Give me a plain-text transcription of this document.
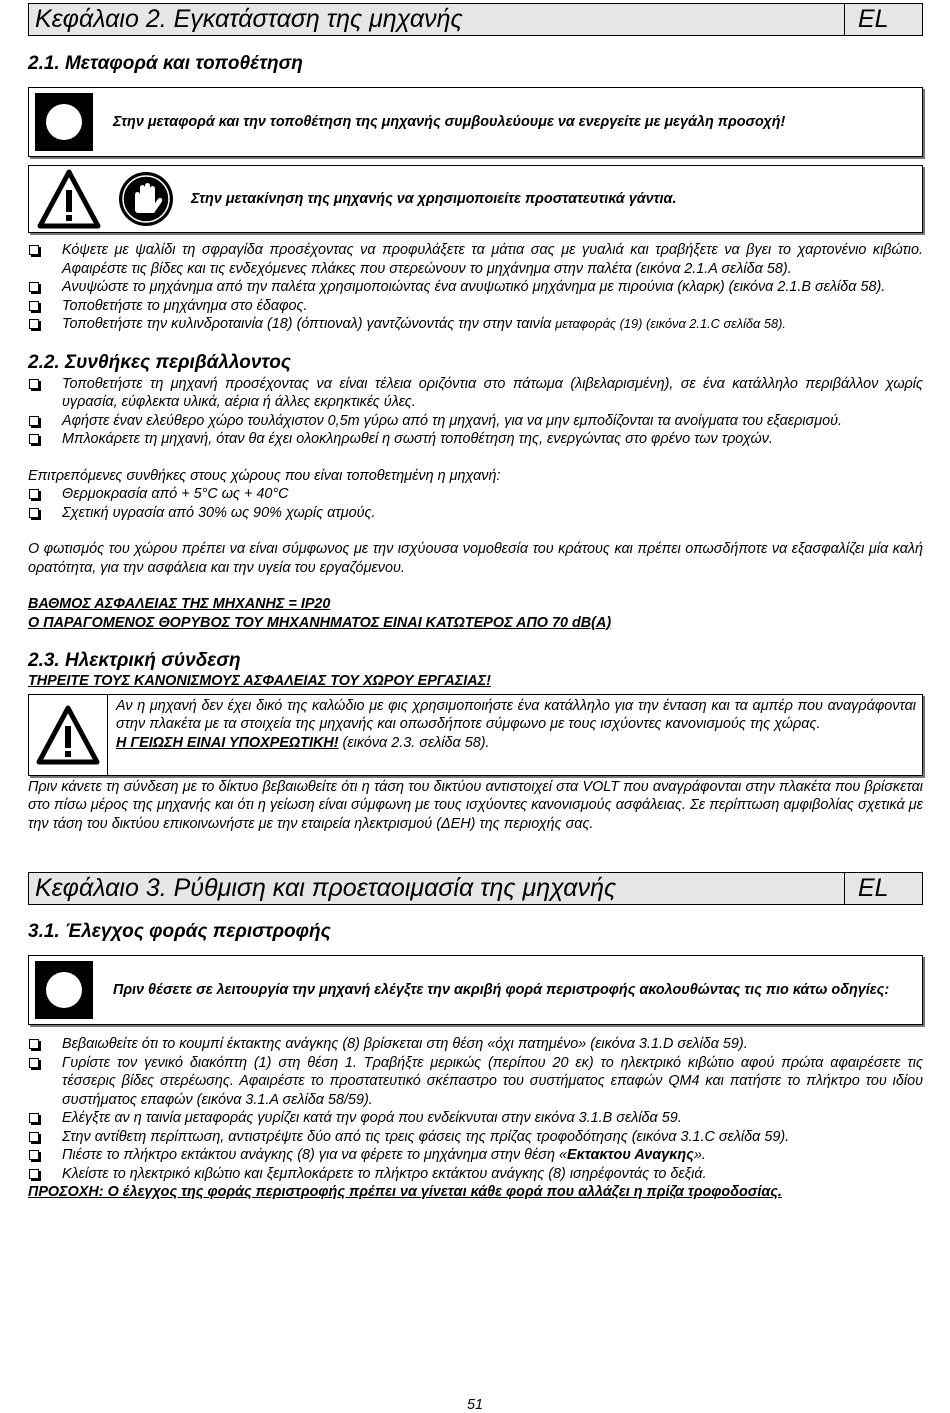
Κεφάλαιο 2. Εγκατάσταση της μηχανής	EL
2.1. Μεταφορά και τοποθέτηση
Στην μεταφορά και την τοποθέτηση της μηχανής συμβουλεύουμε να ενεργείτε με μεγάλη προσοχή!
Στην μετακίνηση της μηχανής να χρησιμοποιείτε προστατευτικά γάντια.
Κόψετε με ψαλίδι τη σφραγίδα προσέχοντας να προφυλάξετε τα μάτια σας με γυαλιά και τραβήξετε να βγει το χαρτονένιο κιβώτιο. Αφαιρέστε τις βίδες και τις ενδεχόμενες πλάκες που στερεώνουν το μηχάνημα στην παλέτα (εικόνα 2.1.A σελίδα 58).
Ανυψώστε το μηχάνημα από την παλέτα χρησιμοποιώντας ένα ανυψωτικό μηχάνημα με πιρούνια (κλαρκ) (εικόνα 2.1.B σελίδα 58).
Τοποθετήστε το μηχάνημα στο έδαφος.
Τοποθετήστε την κυλινδροταινία (18) (όπτιοναλ) γαντζώνοντάς την στην ταινία μεταφοράς (19) (εικόνα 2.1.C σελίδα 58).
2.2. Συνθήκες περιβάλλοντος
Τοποθετήστε τη μηχανή προσέχοντας να είναι τέλεια οριζόντια στο πάτωμα (λιβελαρισμένη), σε ένα κατάλληλο περιβάλλον χωρίς υγρασία, εύφλεκτα υλικά, αέρια ή άλλες εκρηκτικές ύλες.
Αφήστε έναν ελεύθερο χώρο τουλάχιστον 0,5m γύρω από τη μηχανή, για να μην εμποδίζονται τα ανοίγματα του εξαερισμού.
Μπλοκάρετε τη μηχανή, όταν θα έχει ολοκληρωθεί η σωστή τοποθέτηση της, ενεργώντας στο φρένο των τροχών.
Επιτρεπόμενες συνθήκες στους χώρους που είναι τοποθετημένη η μηχανή:
Θερμοκρασία από + 5°C ως + 40°C
Σχετική υγρασία από 30% ως 90% χωρίς ατμούς.
Ο φωτισμός του χώρου πρέπει να είναι σύμφωνος με την ισχύουσα νομοθεσία του κράτους και πρέπει οπωσδήποτε να εξασφαλίζει μία καλή ορατότητα, για την ασφάλεια και την υγεία του εργαζόμενου.
ΒΑΘΜΟΣ ΑΣΦΑΛΕΙΑΣ ΤΗΣ ΜΗΧΑΝΗΣ = IP20
Ο ΠΑΡΑΓΟΜΕΝΟΣ ΘΟΡΥΒΟΣ ΤΟΥ ΜΗΧΑΝΗΜΑΤΟΣ ΕΙΝΑΙ ΚΑΤΩΤΕΡΟΣ ΑΠΟ 70 dB(A)
2.3. Ηλεκτρική σύνδεση
ΤΗΡΕΙΤΕ ΤΟΥΣ ΚΑΝΟΝΙΣΜΟΥΣ ΑΣΦΑΛΕΙΑΣ ΤΟΥ ΧΩΡΟΥ ΕΡΓΑΣΙΑΣ!
Αν η μηχανή δεν έχει δικό της καλώδιο με φις χρησιμοποιήστε ένα κατάλληλο για την ένταση και τα αμπέρ που αναγράφονται στην πλακέτα με τα στοιχεία της μηχανής και οπωσδήποτε σύμφωνο με τους ισχύοντες κανονισμούς της χώρας.
Η ΓΕΙΩΣΗ ΕΙΝΑΙ ΥΠΟΧΡΕΩΤΙΚΗ! (εικόνα 2.3. σελίδα 58).
Πριν κάνετε τη σύνδεση με το δίκτυο βεβαιωθείτε ότι η τάση του δικτύου αντιστοιχεί στα VOLT που αναγράφονται στην πλακέτα που βρίσκεται στο πίσω μέρος της μηχανής και ότι η γείωση είναι σύμφωνη με τους ισχύοντες κανονισμούς ασφάλειας. Σε περίπτωση αμφιβολίας σχετικά με την τάση του δικτύου επικοινωνήστε με την εταιρεία ηλεκτρισμού (ΔΕΗ) της περιοχής σας.
Κεφάλαιο 3. Ρύθμιση και προεταοιμασία της μηχανής	EL
3.1. Έλεγχος φοράς περιστροφής
Πριν θέσετε σε λειτουργία την μηχανή ελέγξτε την ακριβή φορά περιστροφής ακολουθώντας τις πιο κάτω οδηγίες:
Βεβαιωθείτε ότι το κουμπί έκτακτης ανάγκης (8) βρίσκεται στη θέση «όχι πατημένο» (εικόνα 3.1.D σελίδα 59).
Γυρίστε τον γενικό διακόπτη (1) στη θέση 1. Τραβήξτε μερικώς (περίπου 20 εκ) το ηλεκτρικό κιβώτιο αφού πρώτα αφαιρέσετε τις τέσσερις βίδες στερέωσης. Αφαιρέστε το προστατευτικό σκέπαστρο του συστήματος επαφών QM4 και πατήστε το πλήκτρο του ιδίου συστήματος επαφών (εικόνα 3.1.A σελίδα 58/59).
Ελέγξτε αν η ταινία μεταφοράς γυρίζει κατά την φορά που ενδείκνυται στην εικόνα 3.1.B σελίδα 59.
Στην αντίθετη περίπτωση, αντιστρέψτε δύο από τις τρεις φάσεις της πρίζας τροφοδότησης (εικόνα 3.1.C σελίδα 59).
Πιέστε το πλήκτρο εκτάκτου ανάγκης (8) για να φέρετε το μηχάνημα στην θέση «Εκτακτου Αναγκης».
Κλείστε το ηλεκτρικό κιβώτιο και ξεμπλοκάρετε το πλήκτρο εκτάκτου ανάγκης (8) ισηρέφοντάς το δεξιά.
ΠΡΟΣΟΧΗ: Ο έλεγχος της φοράς περιστροφής πρέπει να γίνεται κάθε φορά που αλλάζει η πρίζα τροφοδοσίας.
51
